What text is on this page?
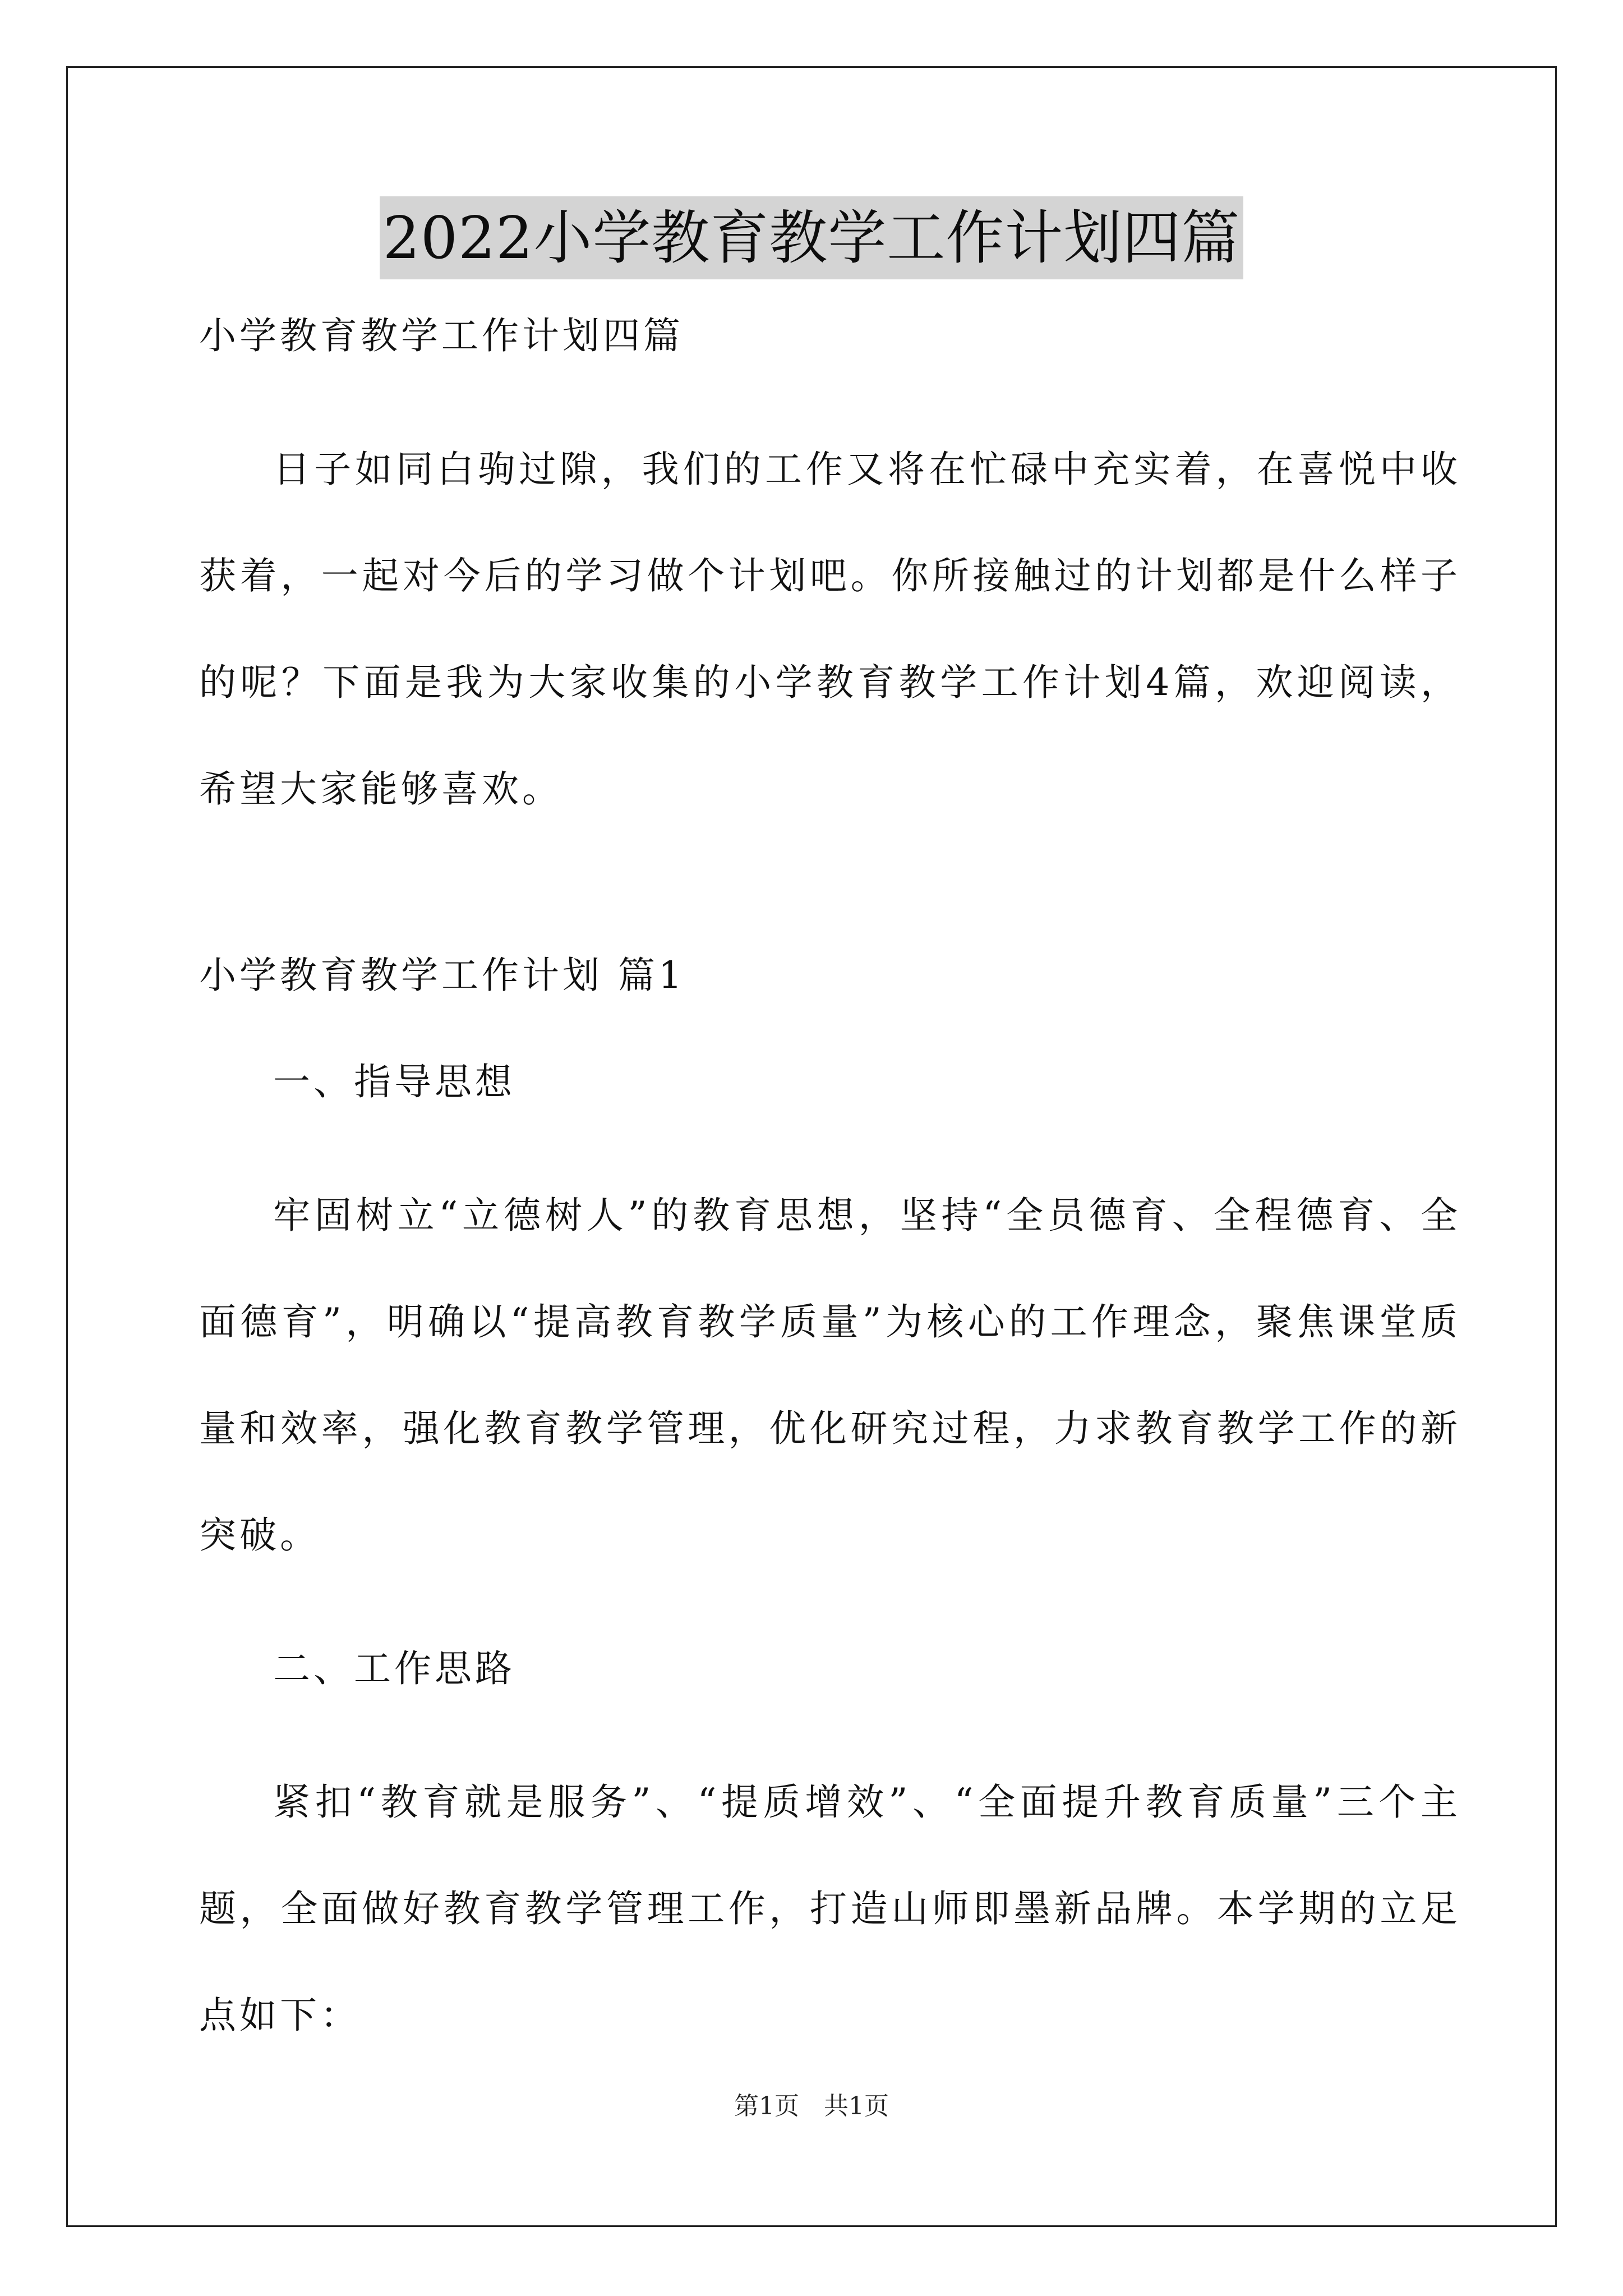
2022小学教育教学工作计划四篇
小学教育教学工作计划四篇

日子如同白驹过隙，我们的工作又将在忙碌中充实着，在喜悦中收获着，一起对今后的学习做个计划吧。你所接触过的计划都是什么样子的呢？下面是我为大家收集的小学教育教学工作计划4篇，欢迎阅读，希望大家能够喜欢。

小学教育教学工作计划 篇1
一、指导思想

牢固树立“立德树人”的教育思想，坚持“全员德育、全程德育、全面德育”，明确以“提高教育教学质量”为核心的工作理念，聚焦课堂质量和效率，强化教育教学管理，优化研究过程，力求教育教学工作的新突破。

二、工作思路

紧扣“教育就是服务”、“提质增效”、“全面提升教育质量”三个主题，全面做好教育教学管理工作，打造山师即墨新品牌。本学期的立足点如下：

第1页　共1页
